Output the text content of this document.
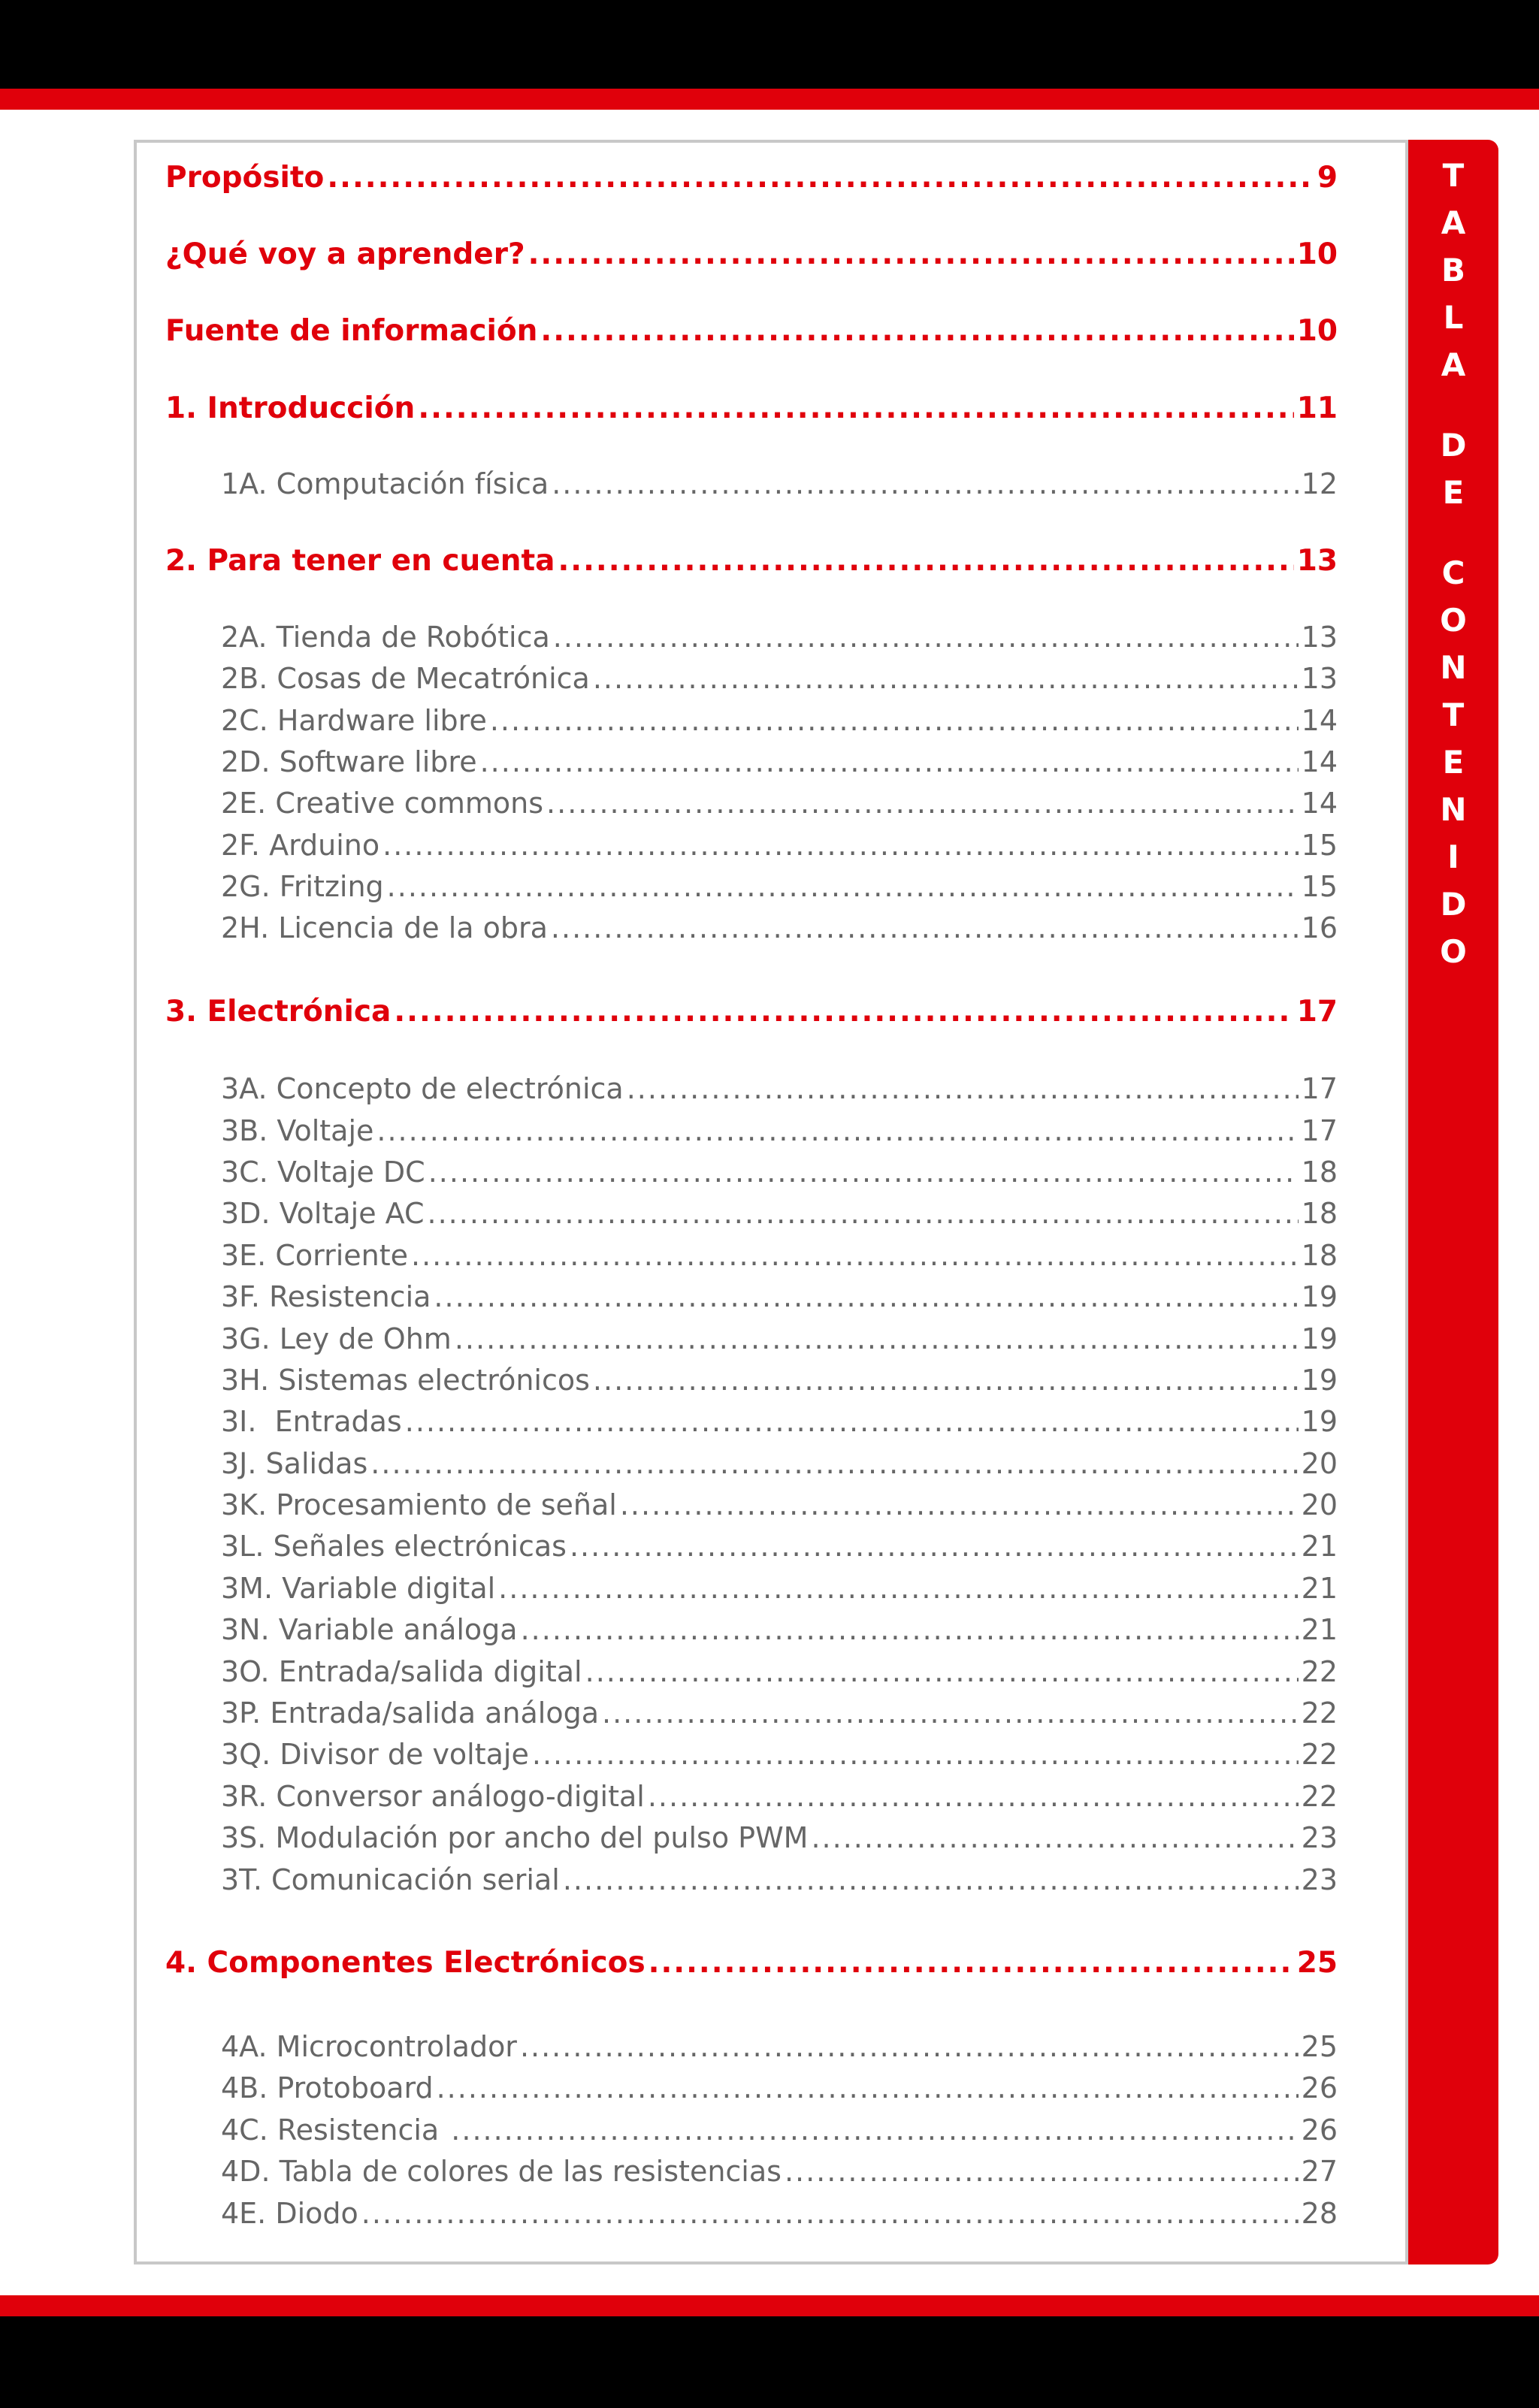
T
A
B
L
A
D
E
C
O
N
T
E
N
I
D
O
Propósito .....	9
¿Qué voy a aprender? .....	10
Fuente de información .....	10
1. Introducción .....	11
1A. Computación física .....	12
2. Para tener en cuenta .....	13
2A. Tienda de Robótica .....	13
2B. Cosas de Mecatrónica .....	13
2C. Hardware libre .....	14
2D. Software libre .....	14
2E. Creative commons .....	14
2F. Arduino .....	15
2G. Fritzing .....	15
2H. Licencia de la obra .....	16
3. Electrónica .....	17
3A. Concepto de electrónica .....	17
3B. Voltaje .....	17
3C. Voltaje DC .....	18
3D. Voltaje AC .....	18
3E. Corriente .....	18
3F. Resistencia .....	19
3G. Ley de Ohm .....	19
3H. Sistemas electrónicos .....	19
3I.  Entradas .....	19
3J. Salidas .....	20
3K. Procesamiento de señal .....	20
3L. Señales electrónicas .....	21
3M. Variable digital .....	21
3N. Variable análoga .....	21
3O. Entrada/salida digital .....	22
3P. Entrada/salida análoga .....	22
3Q. Divisor de voltaje .....	22
3R. Conversor análogo-digital .....	22
3S. Modulación por ancho del pulso PWM .....	23
3T. Comunicación serial .....	23
4. Componentes Electrónicos .....	25
4A. Microcontrolador .....	25
4B. Protoboard .....	26
4C. Resistencia .....	26
4D. Tabla de colores de las resistencias .....	27
4E. Diodo .....	28
